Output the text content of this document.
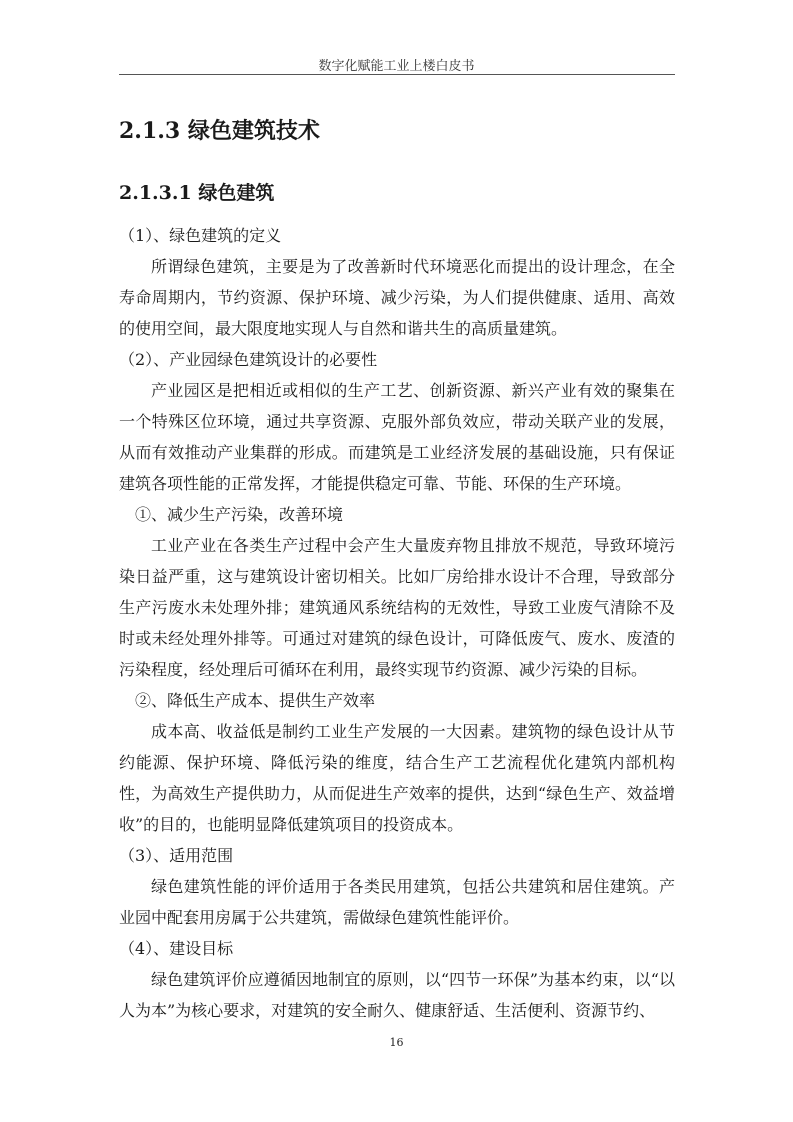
数字化赋能工业上楼白皮书
2.1.3 绿色建筑技术
2.1.3.1 绿色建筑

（1）、绿色建筑的定义

所谓绿色建筑，主要是为了改善新时代环境恶化而提出的设计理念，在全寿命周期内，节约资源、保护环境、减少污染，为人们提供健康、适用、高效的使用空间，最大限度地实现人与自然和谐共生的高质量建筑。

（2）、产业园绿色建筑设计的必要性

产业园区是把相近或相似的生产工艺、创新资源、新兴产业有效的聚集在一个特殊区位环境，通过共享资源、克服外部负效应，带动关联产业的发展，从而有效推动产业集群的形成。而建筑是工业经济发展的基础设施，只有保证建筑各项性能的正常发挥，才能提供稳定可靠、节能、环保的生产环境。

①、减少生产污染，改善环境

工业产业在各类生产过程中会产生大量废弃物且排放不规范，导致环境污染日益严重，这与建筑设计密切相关。比如厂房给排水设计不合理，导致部分生产污废水未处理外排；建筑通风系统结构的无效性，导致工业废气清除不及时或未经处理外排等。可通过对建筑的绿色设计，可降低废气、废水、废渣的污染程度，经处理后可循环在利用，最终实现节约资源、减少污染的目标。

②、降低生产成本、提供生产效率

成本高、收益低是制约工业生产发展的一大因素。建筑物的绿色设计从节约能源、保护环境、降低污染的维度，结合生产工艺流程优化建筑内部机构性，为高效生产提供助力，从而促进生产效率的提供，达到“绿色生产、效益增收”的目的，也能明显降低建筑项目的投资成本。

（3）、适用范围

绿色建筑性能的评价适用于各类民用建筑，包括公共建筑和居住建筑。产业园中配套用房属于公共建筑，需做绿色建筑性能评价。

（4）、建设目标

绿色建筑评价应遵循因地制宜的原则，以“四节一环保”为基本约束，以“以人为本”为核心要求，对建筑的安全耐久、健康舒适、生活便利、资源节约、

16
